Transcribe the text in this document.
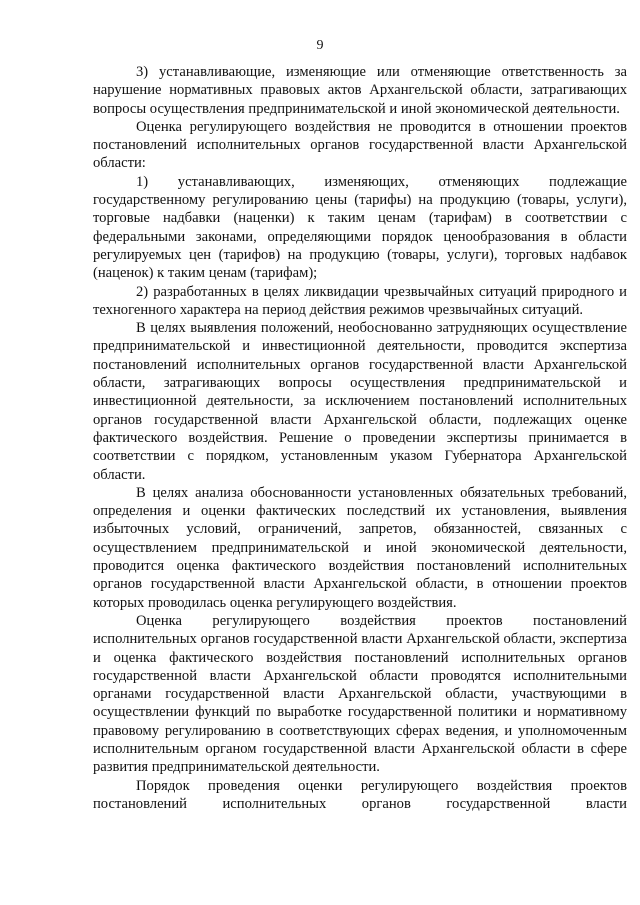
9

3) устанавливающие, изменяющие или отменяющие ответственность за нарушение нормативных правовых актов Архангельской области, затрагивающих вопросы осуществления предпринимательской и иной экономической деятельности.

Оценка регулирующего воздействия не проводится в отношении проектов постановлений исполнительных органов государственной власти Архангельской области:

1) устанавливающих, изменяющих, отменяющих подлежащие государственному регулированию цены (тарифы) на продукцию (товары, услуги), торговые надбавки (наценки) к таким ценам (тарифам) в соответствии с федеральными законами, определяющими порядок ценообразования в области регулируемых цен (тарифов) на продукцию (товары, услуги), торговых надбавок (наценок) к таким ценам (тарифам);

2) разработанных в целях ликвидации чрезвычайных ситуаций природного и техногенного характера на период действия режимов чрезвычайных ситуаций.

В целях выявления положений, необоснованно затрудняющих осуществление предпринимательской и инвестиционной деятельности, проводится экспертиза постановлений исполнительных органов государственной власти Архангельской области, затрагивающих вопросы осуществления предпринимательской и инвестиционной деятельности, за исключением постановлений исполнительных органов государственной власти Архангельской области, подлежащих оценке фактического воздействия. Решение о проведении экспертизы принимается в соответствии с порядком, установленным указом Губернатора Архангельской области.

В целях анализа обоснованности установленных обязательных требований, определения и оценки фактических последствий их установления, выявления избыточных условий, ограничений, запретов, обязанностей, связанных с осуществлением предпринимательской и иной экономической деятельности, проводится оценка фактического воздействия постановлений исполнительных органов государственной власти Архангельской области, в отношении проектов которых проводилась оценка регулирующего воздействия.

Оценка регулирующего воздействия проектов постановлений исполнительных органов государственной власти Архангельской области, экспертиза и оценка фактического воздействия постановлений исполнительных органов государственной власти Архангельской области проводятся исполнительными органами государственной власти Архангельской области, участвующими в осуществлении функций по выработке государственной политики и нормативному правовому регулированию в соответствующих сферах ведения, и уполномоченным исполнительным органом государственной власти Архангельской области в сфере развития предпринимательской деятельности.

Порядок проведения оценки регулирующего воздействия проектов постановлений исполнительных органов государственной власти
